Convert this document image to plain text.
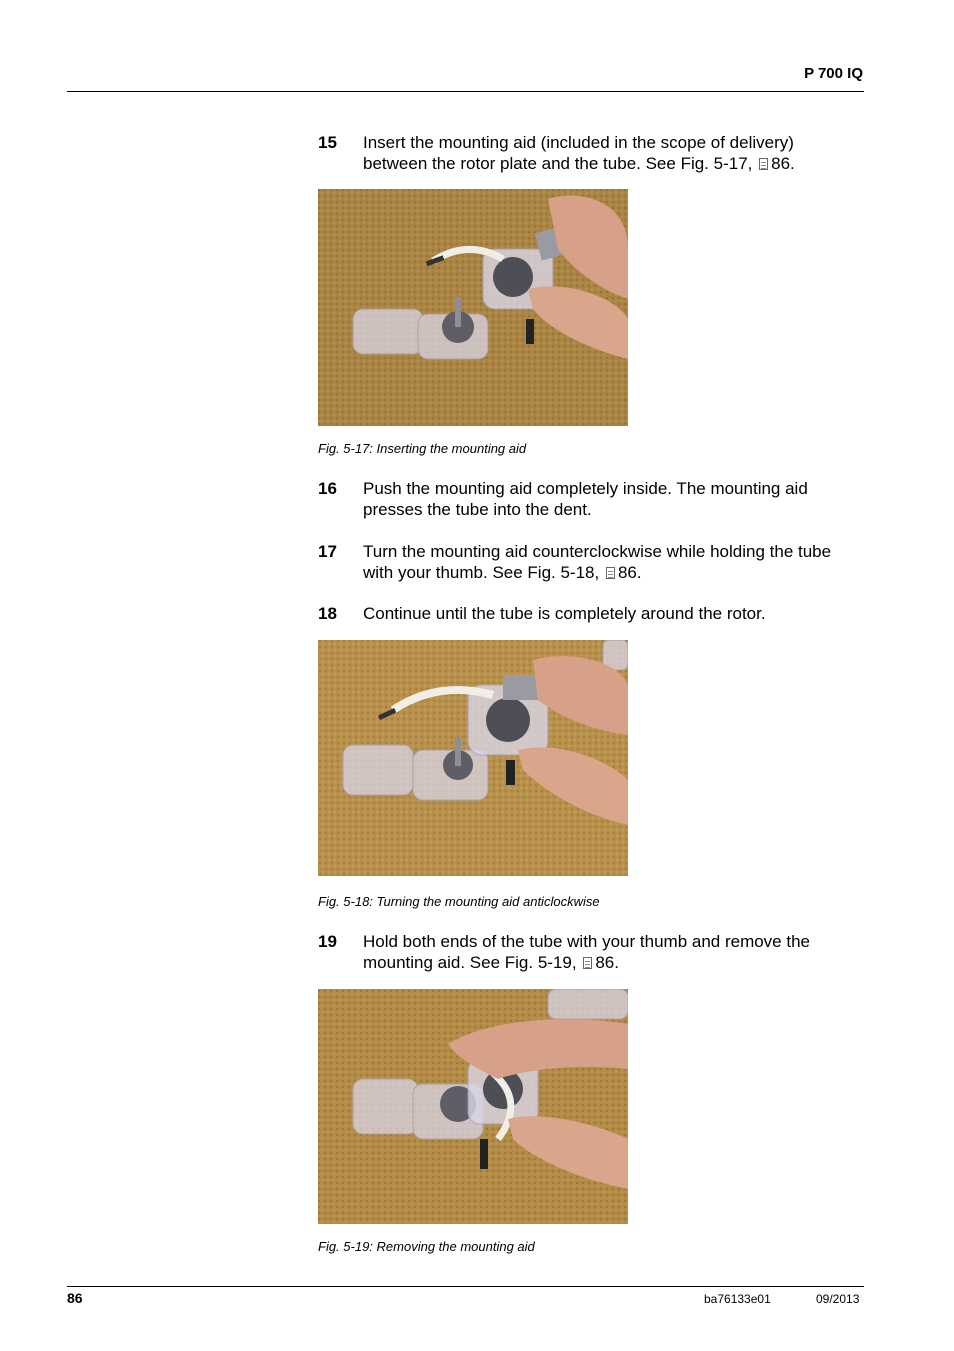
P 700 IQ
15	Insert the mounting aid (included in the scope of delivery)
between the rotor plate and the tube. See Fig. 5-17, 86.
Fig. 5-17: Inserting the mounting aid
16	Push the mounting aid completely inside. The mounting aid
presses the tube into the dent.
17	Turn the mounting aid counterclockwise while holding the tube
with your thumb. See Fig. 5-18, 86.
18	Continue until the tube is completely around the rotor.
Fig. 5-18: Turning the mounting aid anticlockwise
19	Hold both ends of the tube with your thumb and remove the
mounting aid. See Fig. 5-19, 86.
Fig. 5-19: Removing the mounting aid
86	ba76133e01	09/2013
